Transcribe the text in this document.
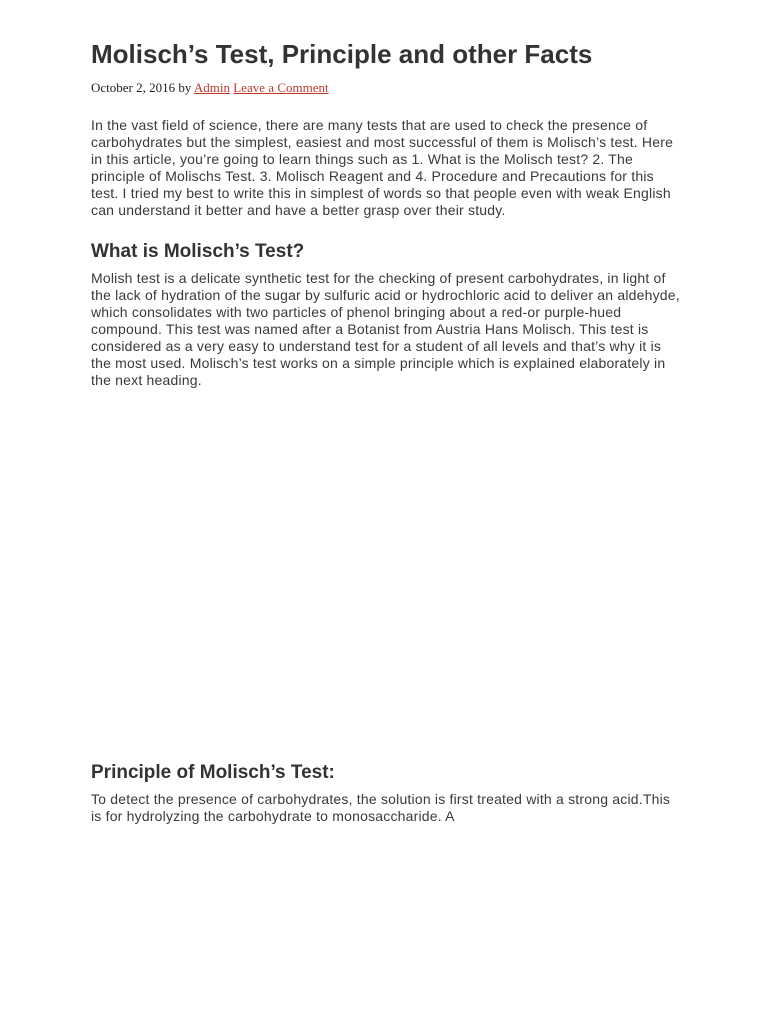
Molisch’s Test, Principle and other Facts
October 2, 2016 by Admin Leave a Comment

In the vast field of science, there are many tests that are used to check the presence of carbohydrates but the simplest, easiest and most successful of them is Molisch’s test. Here in this article, you’re going to learn things such as 1. What is the Molisch test? 2. The principle of Molischs Test. 3. Molisch Reagent and 4. Procedure and Precautions for this test. I tried my best to write this in simplest of words so that people even with weak English can understand it better and have a better grasp over their study.

What is Molisch’s Test?

Molish test is a delicate synthetic test for the checking of present carbohydrates, in light of the lack of hydration of the sugar by sulfuric acid or hydrochloric acid to deliver an aldehyde, which consolidates with two particles of phenol bringing about a red-or purple-hued compound. This test was named after a Botanist from Austria Hans Molisch. This test is considered as a very easy to understand test for a student of all levels and that’s why it is the most used. Molisch’s test works on a simple principle which is explained elaborately in the next heading.

Principle of Molisch’s Test:

To detect the presence of carbohydrates, the solution is first treated with a strong acid.This is for hydrolyzing the carbohydrate to monosaccharide. A
